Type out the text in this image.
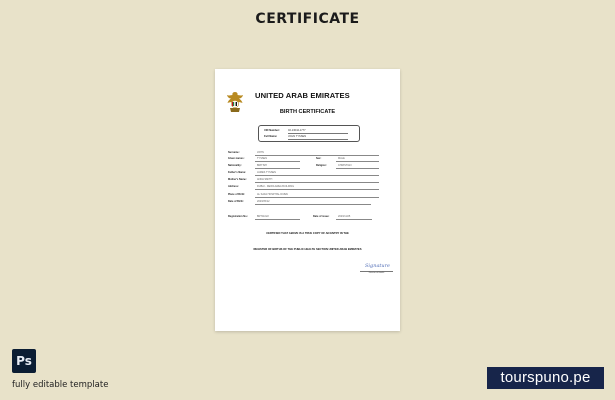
CERTIFICATE
UNITED ARAB EMIRATES
BIRTH CERTIFICATE
UID Number:	02-13044-1777
Full Name:	JOHN TYSSEN
Surname:	JOHN
Given names:	TYSSEN	Sex:	MALE
Nationality:	BRITISH	Religion:	CHRISTIAN
Father's Name:	JAMES TYSSEN
Mother's Name:	ANNA SMITH
Address:	DUBAI - DEIRA AREA BUILDING
Place of Birth:	AL SAFA HOSPITAL DUBAI
Date of Birth:	2023/05/12
Registration No.:	BRT11022	Date of issue:	2023/11/25
CERTIFIED THAT ABOVE IS A TRUE COPY OF AN ENTRY IN THE
REGISTER OF BIRTHS OF THE PUBLIC HEALTH SECTION UNITED ARAB EMIRATES
Signature
Director of Health
Ps
fully editable template	tourspuno.pe
